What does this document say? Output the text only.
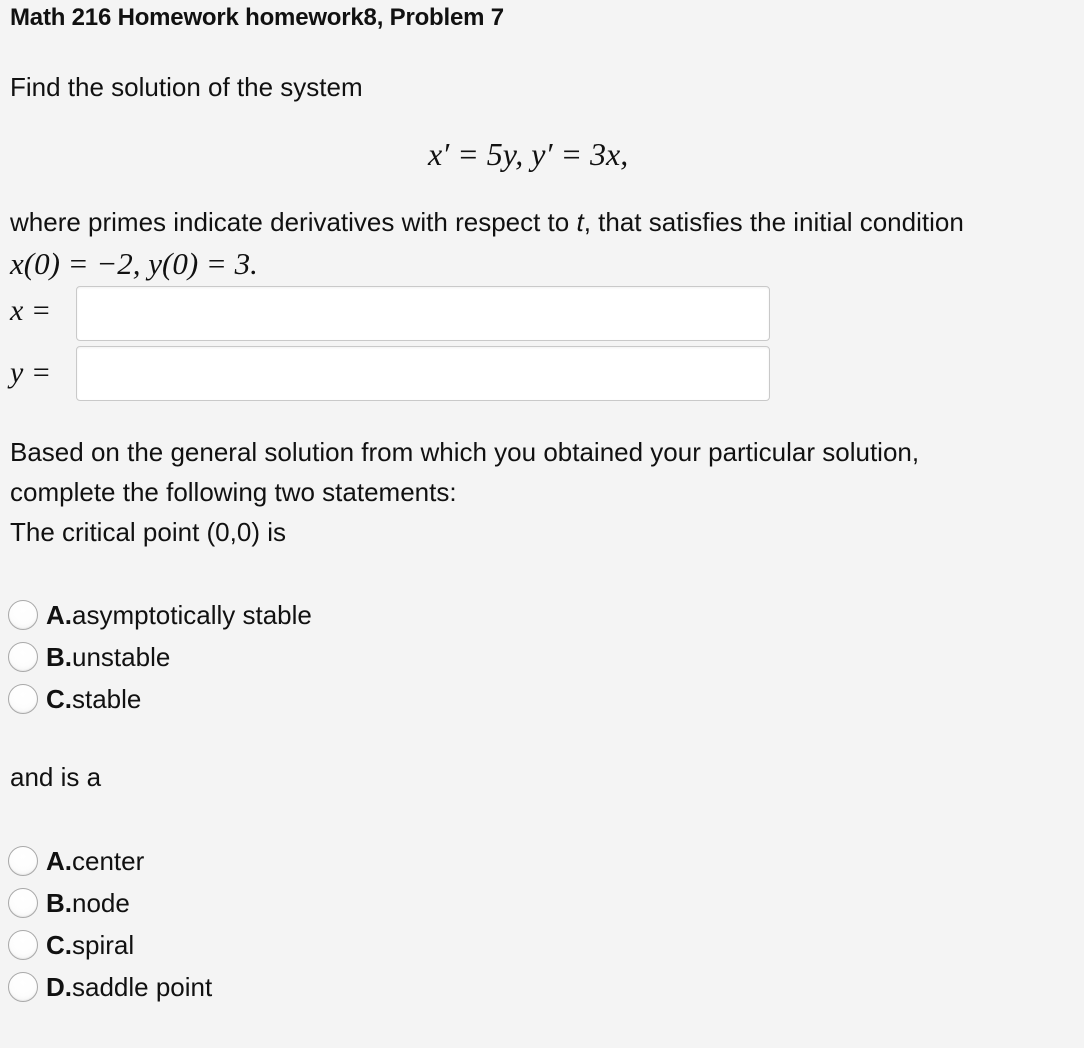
Math 216 Homework homework8, Problem 7
Find the solution of the system
x′ = 5y, y′ = 3x,
where primes indicate derivatives with respect to t, that satisfies the initial condition
x(0) = −2, y(0) = 3.
x =
y =
Based on the general solution from which you obtained your particular solution,
complete the following two statements:
The critical point (0,0) is
A. asymptotically stable
B. unstable
C. stable
and is a
A. center
B. node
C. spiral
D. saddle point
